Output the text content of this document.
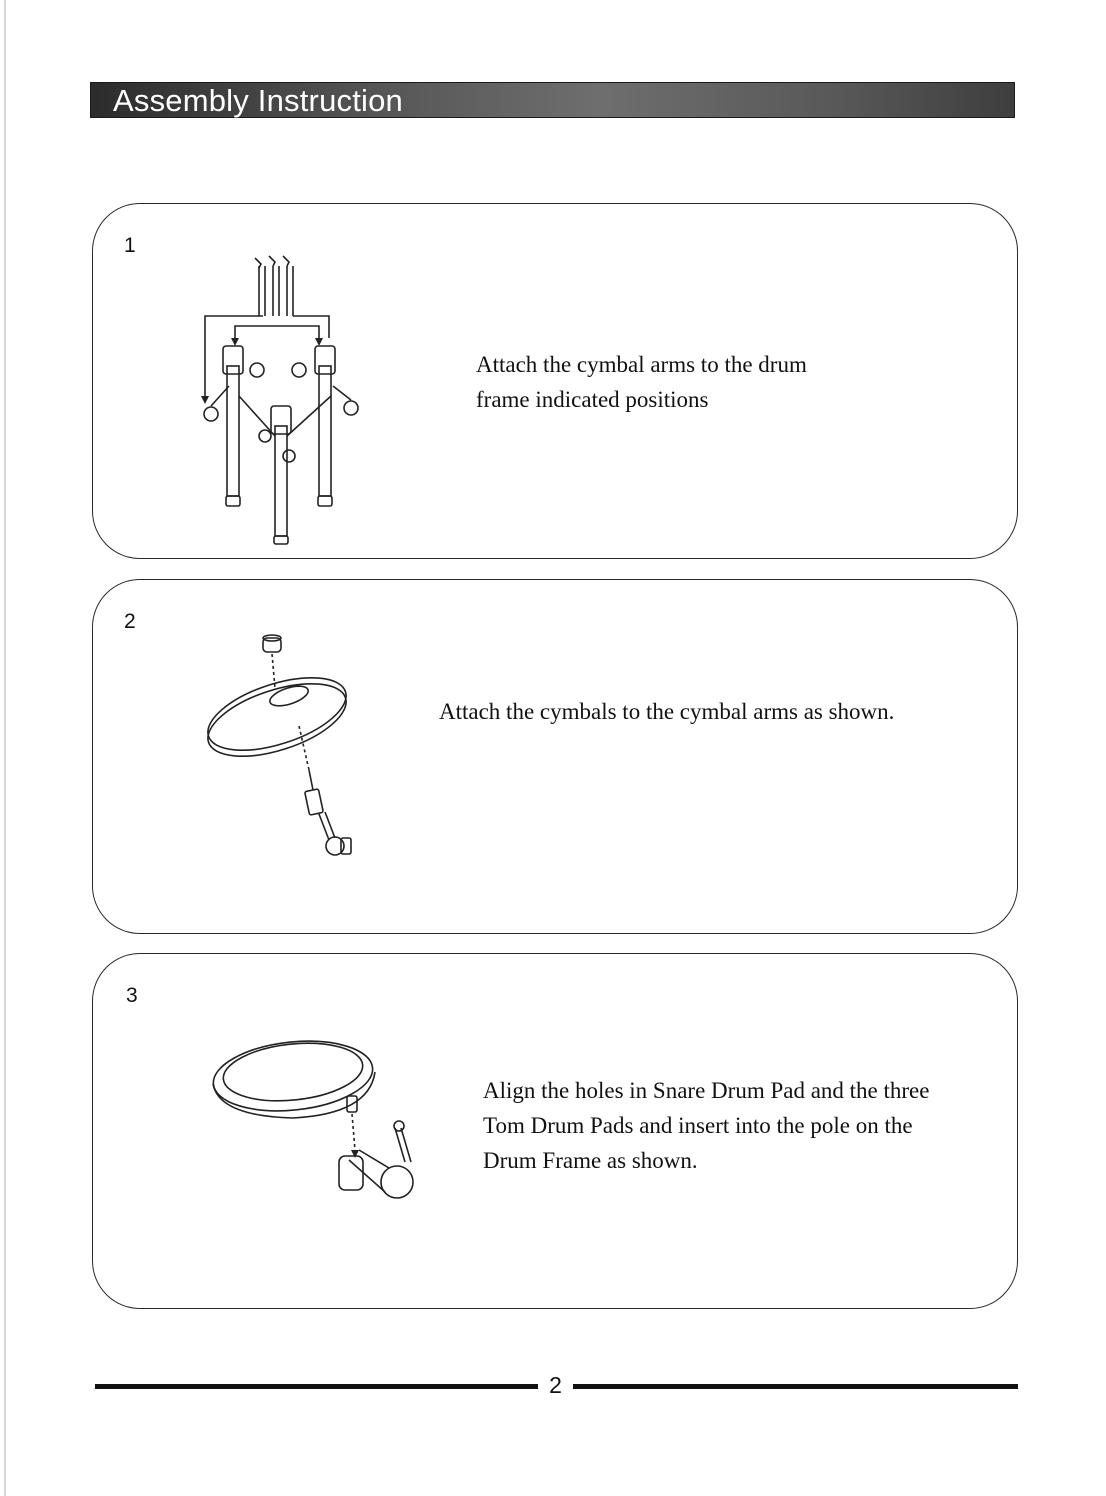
Assembly Instruction
1
Attach the cymbal arms to the drum
frame indicated positions
2
Attach the cymbals to the cymbal arms as shown.
3
Align the holes in Snare Drum Pad and the three
Tom Drum Pads and insert into the pole on the
Drum Frame as shown.
2
